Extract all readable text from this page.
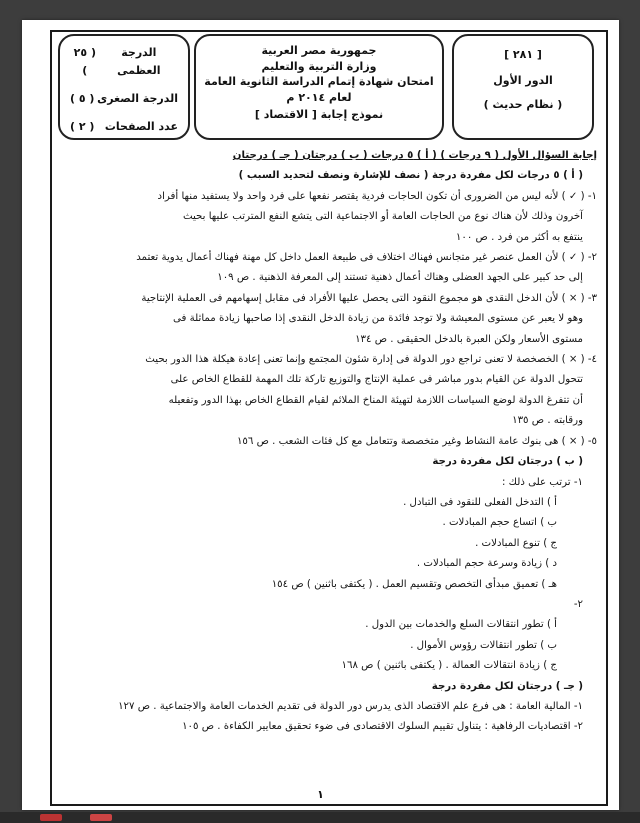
[ ٢٨١ ]
الدور الأول
( نظام حديث )
جمهورية مصر العربية
وزارة التربية والتعليم
امتحان شهادة إتمام الدراسة الثانوية العامة
لعام ٢٠١٤ م
نموذج إجابة [ الاقتصاد ]
الدرجة العظمى
( ٢٥ )
الدرجة الصغرى
( ٥ )
عدد الصفحات
( ٢ )

إجابة السؤال الأول ( ٩ درجات ) ( أ ) ٥ درجات ( ب ) درجتان ( جـ ) درجتان

( أ ) ٥ درجات لكل مفردة درجة ( نصف للإشارة ونصف لتحديد السبب )

١- ( ✓ ) لأنه ليس من الضرورى أن تكون الحاجات فردية يقتصر نفعها على فرد واحد ولا يستفيد منها أفراد

آخرون وذلك لأن هناك نوع من الحاجات العامة أو الاجتماعية التى يتشع النفع المترتب عليها بحيث

ينتفع به أكثر من فرد . ص ١٠٠

٢- ( ✓ ) لأن العمل عنصر غير متجانس فهناك اختلاف فى طبيعة العمل داخل كل مهنة فهناك أعمال يدوية تعتمد

إلى حد كبير على الجهد العضلى وهناك أعمال ذهنية تستند إلى المعرفة الذهنية . ص ١٠٩

٣- ( × ) لأن الدخل النقدى هو مجموع النقود التى يحصل عليها الأفراد فى مقابل إسهامهم فى العملية الإنتاجية

وهو لا يعبر عن مستوى المعيشة ولا توجد فائدة من زيادة الدخل النقدى إذا صاحبها زيادة مماثلة فى

مستوى الأسعار ولكن العبرة بالدخل الحقيقى . ص ١٣٤

٤- ( × ) الخصخصة لا تعنى تراجع دور الدولة فى إدارة شئون المجتمع وإنما تعنى إعادة هيكلة هذا الدور بحيث

تتحول الدولة عن القيام بدور مباشر فى عملية الإنتاج والتوزيع تاركة تلك المهمة للقطاع الخاص على

أن تتفرغ الدولة لوضع السياسات اللازمة لتهيئة المناخ الملائم لقيام القطاع الخاص بهذا الدور وتفعيله

ورقابته . ص ١٣٥

٥- ( × ) هى بنوك عامة النشاط وغير متخصصة وتتعامل مع كل فئات الشعب . ص ١٥٦

( ب ) درجتان لكل مفردة درجة

١- ترتب على ذلك :

أ ) التدخل الفعلى للنقود فى التبادل .

ب ) اتساع حجم المبادلات .

ج ) تنوع المبادلات .

د ) زيادة وسرعة حجم المبادلات .

هـ ) تعميق مبدأى التخصص وتقسيم العمل . ( يكتفى باثنين ) ص ١٥٤

٢-

أ ) تطور انتقالات السلع والخدمات بين الدول .

ب ) تطور انتقالات رؤوس الأموال .

ج ) زيادة انتقالات العمالة . ( يكتفى باثنين ) ص ١٦٨

( جـ ) درجتان لكل مفردة درجة

١- المالية العامة : هى فرع علم الاقتصاد الذى يدرس دور الدولة فى تقديم الخدمات العامة والاجتماعية . ص ١٢٧

٢- اقتصاديات الرفاهية : يتناول تقييم السلوك الاقتصادى فى ضوء تحقيق معايير الكفاءة . ص ١٠٥

١
